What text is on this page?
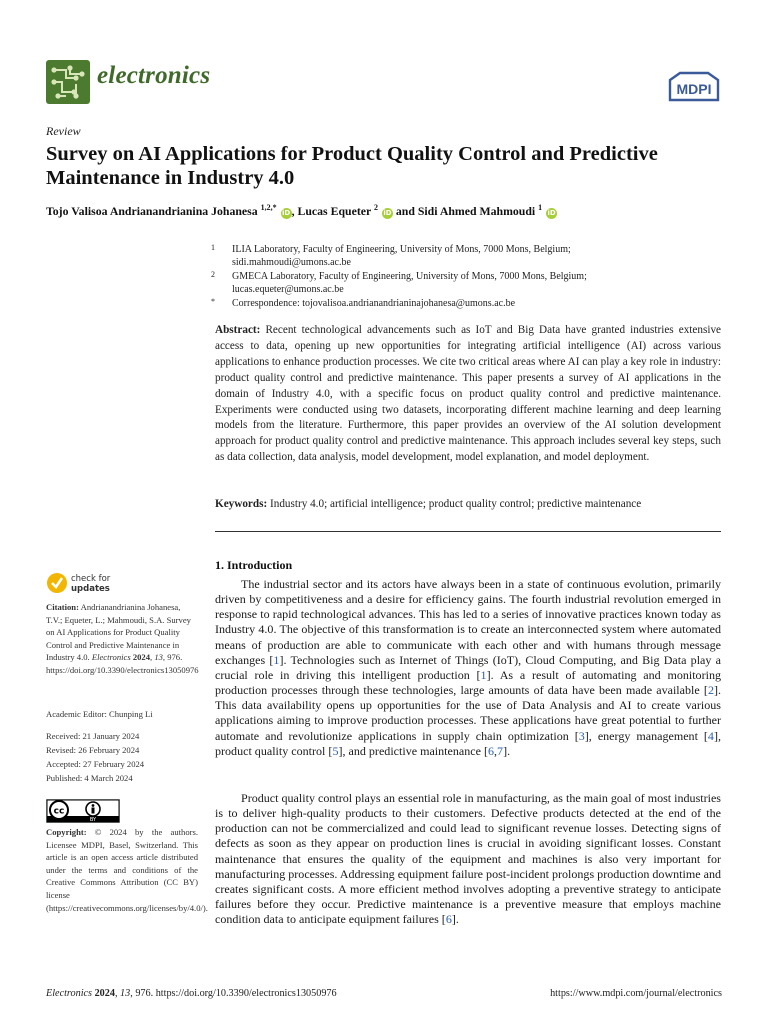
electronics	MDPI
Review
Survey on AI Applications for Product Quality Control and Predictive Maintenance in Industry 4.0
Tojo Valisoa Andrianandrianina Johanesa $^{1,2,*}$ iD, Lucas Equeter $^2$ iD and Sidi Ahmed Mahmoudi $^1$ iD
1 ILIA Laboratory, Faculty of Engineering, University of Mons, 7000 Mons, Belgium;
sidi.mahmoudi@umons.ac.be
2 GMECA Laboratory, Faculty of Engineering, University of Mons, 7000 Mons, Belgium;
lucas.equeter@umons.ac.be
* Correspondence: tojovalisoa.andrianandrianinajohanesa@umons.ac.be
Abstract: Recent technological advancements such as IoT and Big Data have granted industries extensive access to data, opening up new opportunities for integrating artificial intelligence (AI) across various applications to enhance production processes. We cite two critical areas where AI can play a key role in industry: product quality control and predictive maintenance. This paper presents a survey of AI applications in the domain of Industry 4.0, with a specific focus on product quality control and predictive maintenance. Experiments were conducted using two datasets, incorporating different machine learning and deep learning models from the literature. Furthermore, this paper provides an overview of the AI solution development approach for product quality control and predictive maintenance. This approach includes several key steps, such as data collection, data analysis, model development, model explanation, and model deployment.
Keywords: Industry 4.0; artificial intelligence; product quality control; predictive maintenance
1. Introduction
The industrial sector and its actors have always been in a state of continuous evolution, primarily driven by competitiveness and a desire for efficiency gains. The fourth industrial revolution emerged in response to rapid technological advances. This has led to a series of innovative practices known today as Industry 4.0. The objective of this transformation is to create an interconnected system where automated means of production are able to communicate with each other and with humans through message exchanges [1]. Technologies such as Internet of Things (IoT), Cloud Computing, and Big Data play a crucial role in driving this intelligent production [1]. As a result of automating and monitoring production processes through these technologies, large amounts of data have been made available [2]. This data availability opens up opportunities for the use of Data Analysis and AI to create various applications aiming to improve production processes. These applications have great potential to further automate and revolutionize applications in supply chain optimization [3], energy management [4], product quality control [5], and predictive maintenance [6,7].
Product quality control plays an essential role in manufacturing, as the main goal of most industries is to deliver high-quality products to their customers. Defective products detected at the end of the production can not be commercialized and could lead to significant revenue losses. Detecting signs of defects as soon as they appear on production lines is crucial in avoiding significant losses. Constant maintenance that ensures the quality of the equipment and machines is also very important for manufacturing processes. Addressing equipment failure post-incident prolongs production downtime and creates significant costs. A more efficient method involves adopting a preventive strategy to anticipate failures before they occur. Predictive maintenance is a preventive measure that employs machine condition data to anticipate equipment failures [6].
check for
updates
Citation: Andrianandrianina Johanesa, T.V.; Equeter, L.; Mahmoudi, S.A. Survey on AI Applications for Product Quality Control and Predictive Maintenance in Industry 4.0. Electronics 2024, 13, 976. https://doi.org/10.3390/electronics13050976
Academic Editor: Chunping Li
Received: 21 January 2024
Revised: 26 February 2024
Accepted: 27 February 2024
Published: 4 March 2024
cc
BY
Copyright: © 2024 by the authors. Licensee MDPI, Basel, Switzerland. This article is an open access article distributed under the terms and conditions of the Creative Commons Attribution (CC BY) license (https://creativecommons.org/licenses/by/4.0/).
Electronics 2024, 13, 976. https://doi.org/10.3390/electronics13050976	https://www.mdpi.com/journal/electronics
